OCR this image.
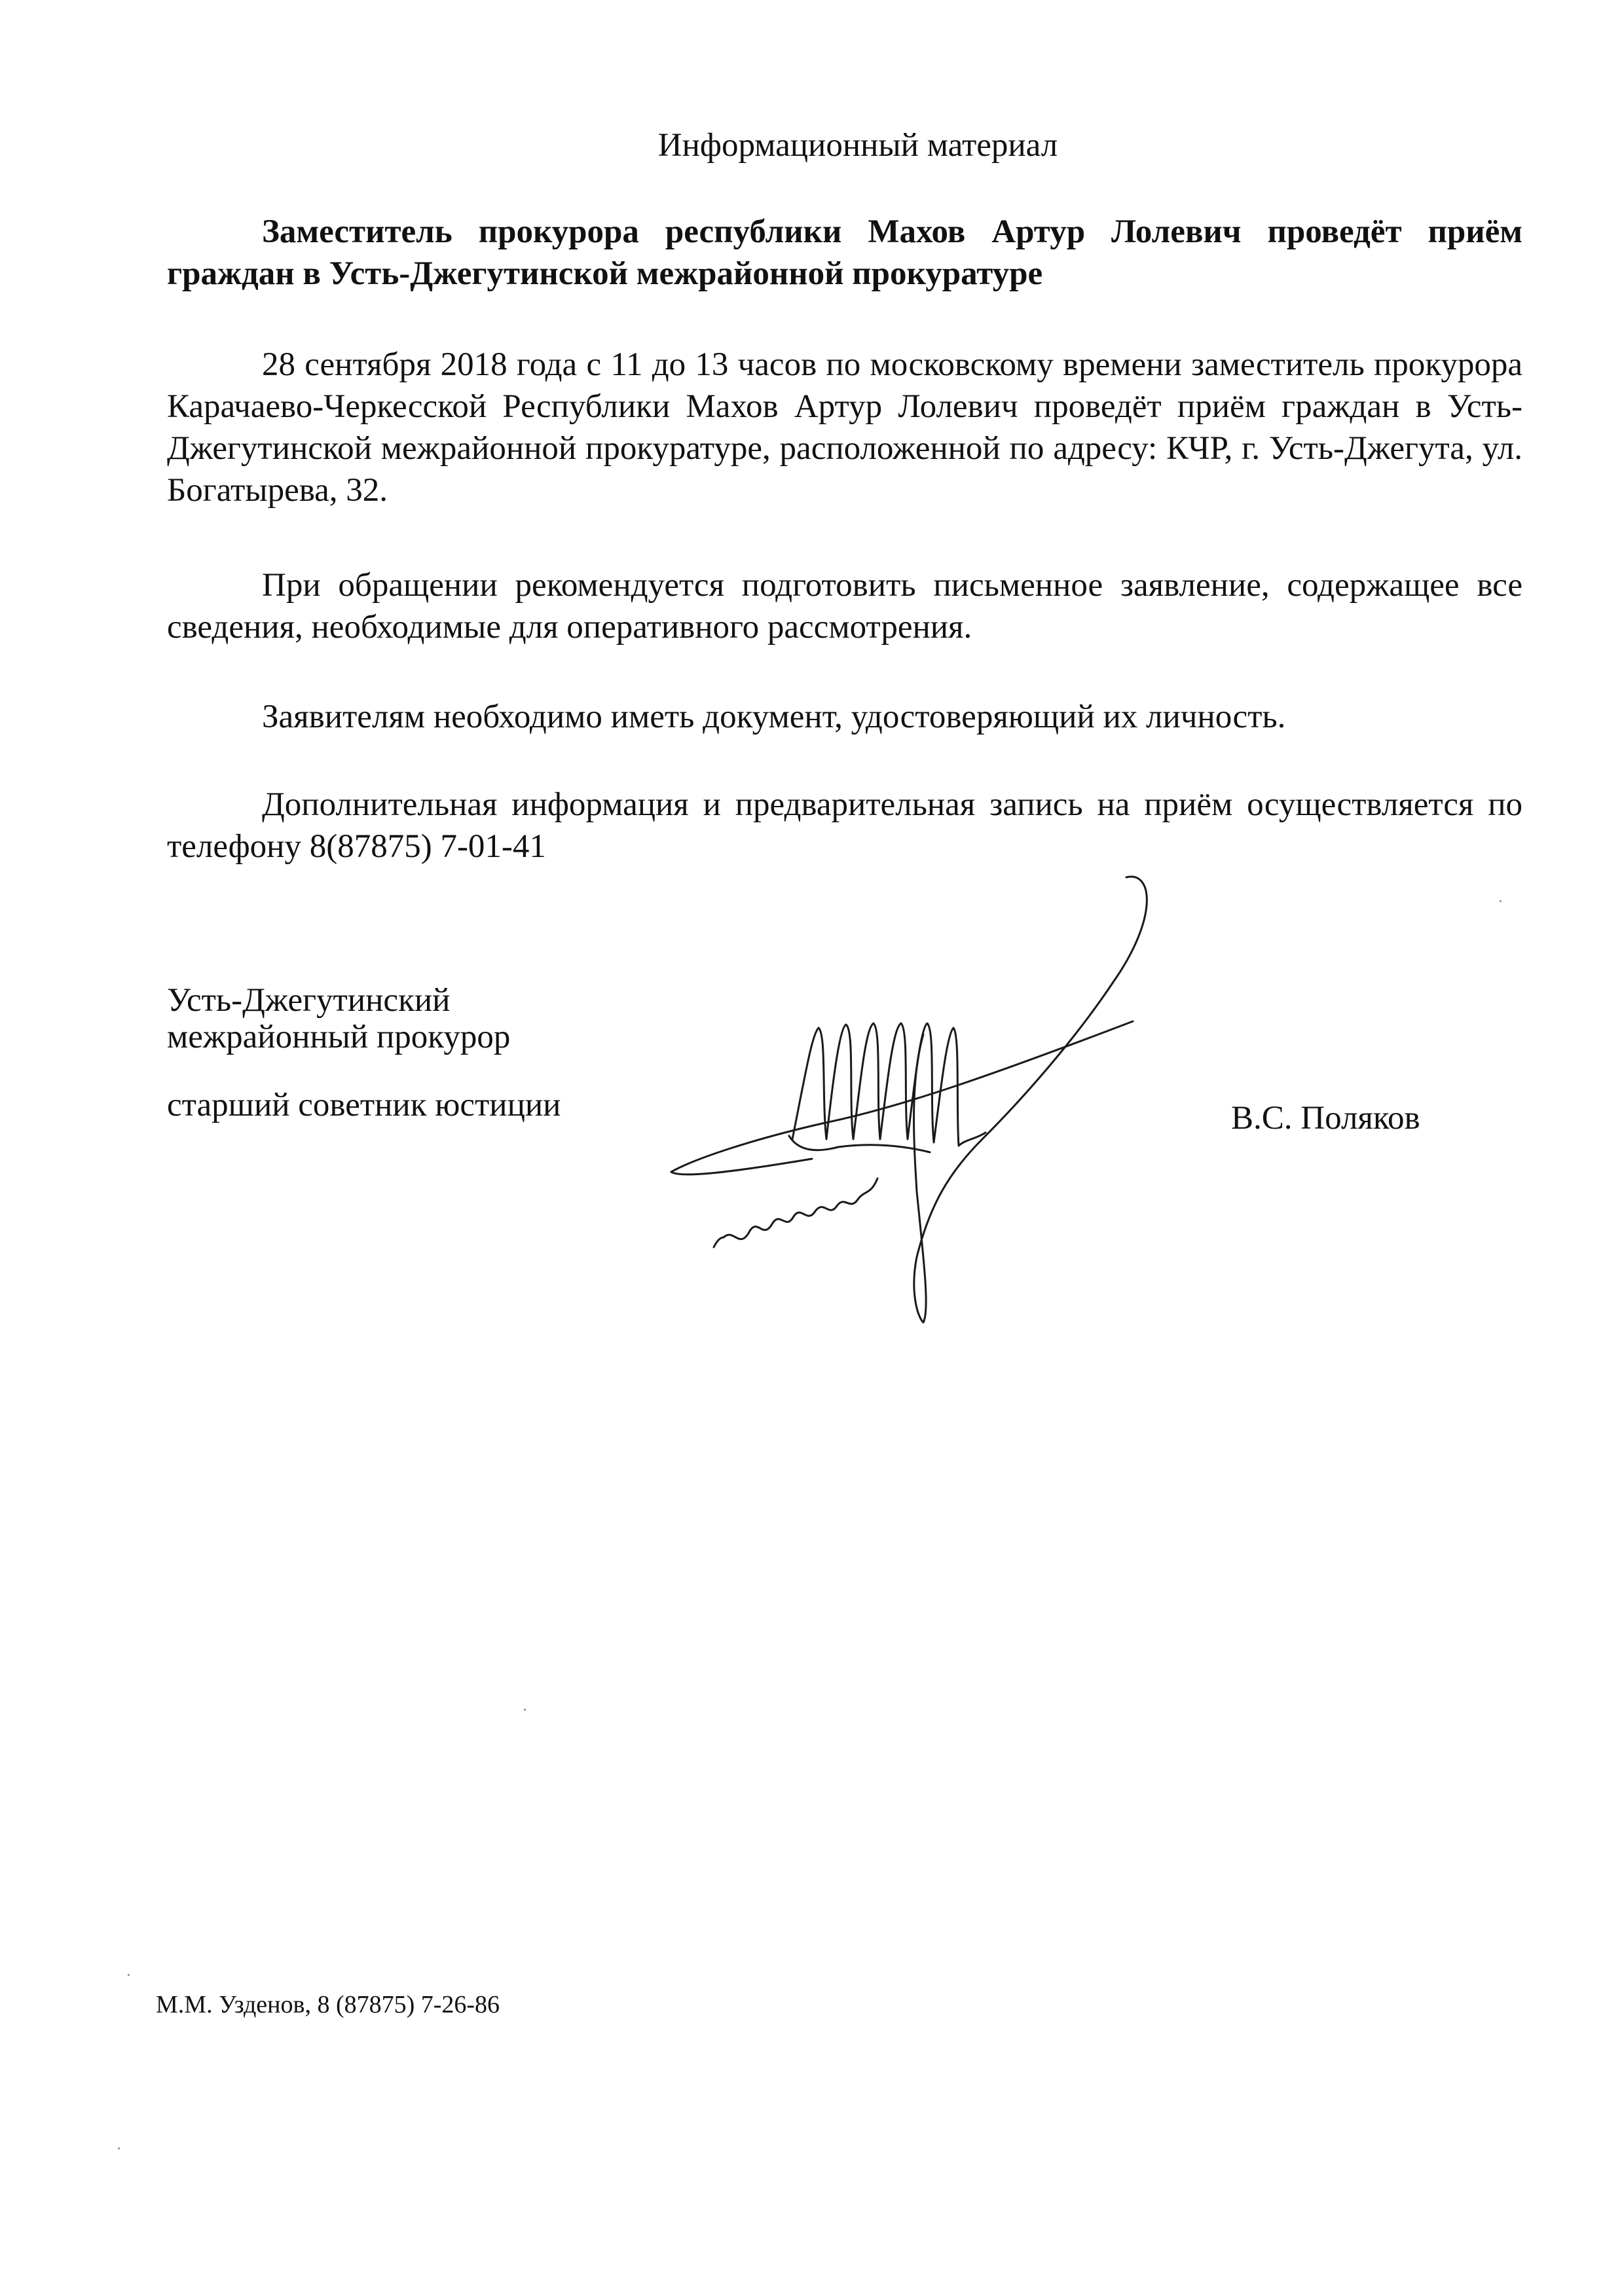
Информационный материал

Заместитель прокурора республики Махов Артур Лолевич проведёт приём граждан в Усть-Джегутинской межрайонной прокуратуре

28 сентября 2018 года с 11 до 13 часов по московскому времени заместитель прокурора Карачаево-Черкесской Республики Махов Артур Лолевич проведёт приём граждан в Усть-Джегутинской межрайонной прокуратуре, расположенной по адресу: КЧР, г. Усть-Джегута, ул. Богатырева, 32.

При обращении рекомендуется подготовить письменное заявление, содержащее все сведения, необходимые для оперативного рассмотрения.

Заявителям необходимо иметь документ, удостоверяющий их личность.

Дополнительная информация и предварительная запись на приём осуществляется по телефону 8(87875) 7-01-41

Усть-Джегутинский
межрайонный прокурор
старший советник юстиции	В.С. Поляков
М.М. Узденов, 8 (87875) 7-26-86
